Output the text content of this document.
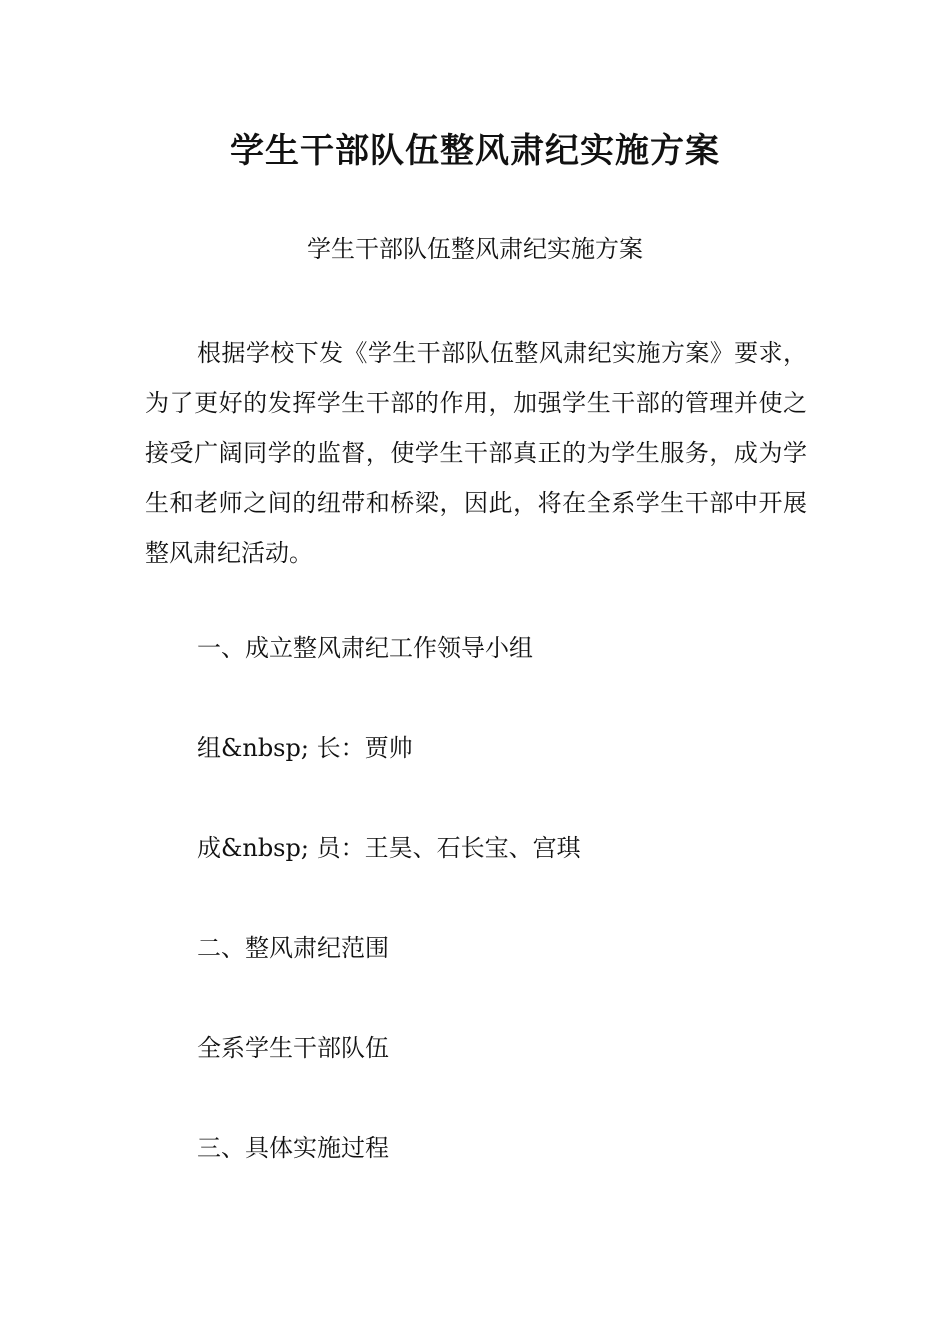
学生干部队伍整风肃纪实施方案
学生干部队伍整风肃纪实施方案
根据学校下发《学生干部队伍整风肃纪实施方案》要求，为了更好的发挥学生干部的作用，加强学生干部的管理并使之接受广阔同学的监督，使学生干部真正的为学生服务，成为学生和老师之间的纽带和桥梁，因此，将在全系学生干部中开展整风肃纪活动。
一、成立整风肃纪工作领导小组
组&nbsp; 长：贾帅
成&nbsp; 员：王昊、石长宝、宫琪
二、整风肃纪范围
全系学生干部队伍
三、具体实施过程
